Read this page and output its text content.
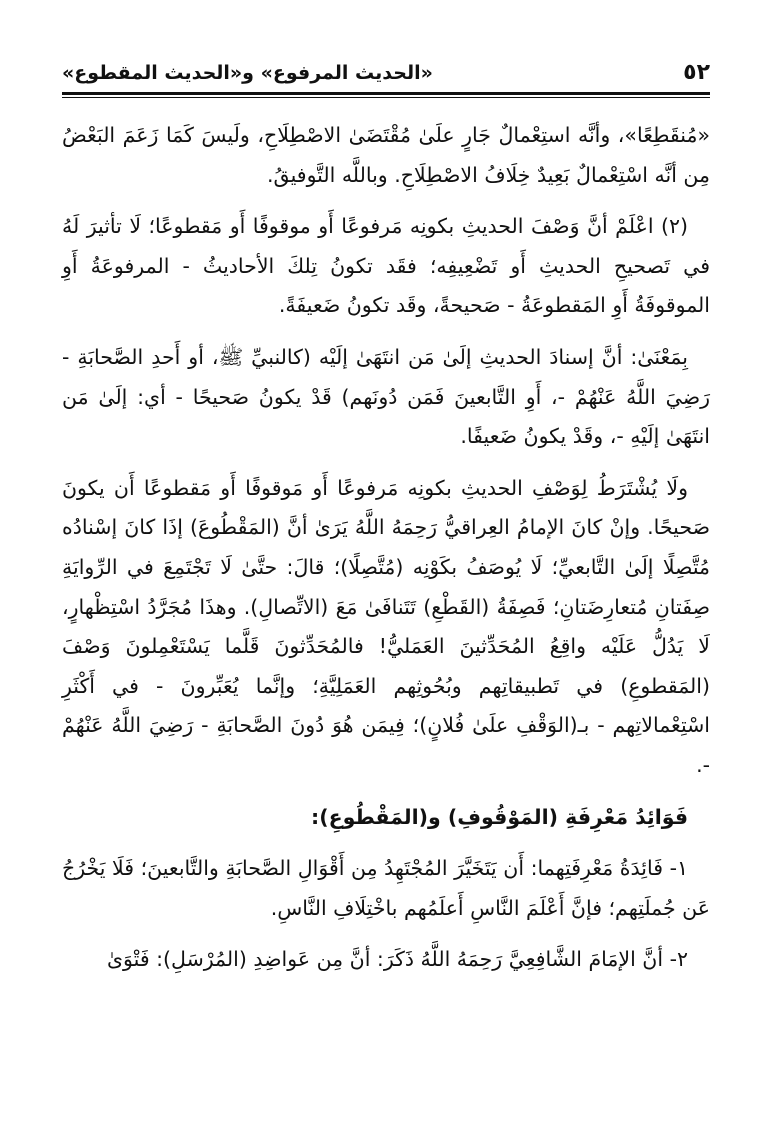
٥٢
«الحديث المرفوع» و«الحديث المقطوع»

«مُنقَطِعًا»، وأنَّه استِعْمالٌ جَارٍ علَىٰ مُقْتَضَىٰ الاصْطِلَاحِ، ولَيسَ كَمَا زَعَمَ البَعْضُ مِن أنَّه اسْتِعْمالٌ بَعِيدٌ خِلَافُ الاصْطِلَاحِ. وباللَّه التَّوفيقُ.

(٢) اعْلَمْ أنَّ وَصْفَ الحديثِ بكونِه مَرفوعًا أَو موقوفًا أَو مَقطوعًا؛ لَا تأثيرَ لَهُ في تَصحيحِ الحديثِ أَو تَضْعِيفِه؛ فقَد تكونُ تِلكَ الأحاديثُ - المرفوعَةُ أَوِ الموقوفَةُ أَوِ المَقطوعَةُ - صَحيحةً، وقَد تكونُ ضَعيفَةً.

بِمَعْنَىٰ: أنَّ إسنادَ الحديثِ إلَىٰ مَن انتَهَىٰ إلَيْه (كالنبيِّ ﷺ، أو أَحدِ الصَّحابَةِ - رَضِيَ اللَّهُ عَنْهُمْ -، أَوِ التَّابعينَ فَمَن دُونَهم) قَدْ يكونُ صَحيحًا - أي: إلَىٰ مَن انتَهَىٰ إلَيْهِ -، وقَدْ يكونُ ضَعيفًا.

ولَا يُشْتَرَطُ لِوَصْفِ الحديثِ بكونِه مَرفوعًا أَو مَوقوفًا أَو مَقطوعًا أَن يكونَ صَحيحًا. وإنْ كانَ الإمامُ العِراقيُّ رَحِمَهُ اللَّهُ يَرَىٰ أنَّ (المَقْطُوعَ) إذَا كانَ إسْنادُه مُتَّصِلًا إلَىٰ التَّابعيِّ؛ لَا يُوصَفُ بكَوْنِه (مُتَّصِلًا)؛ قالَ: حتَّىٰ لَا تَجْتَمِعَ في الرِّوايَةِ صِفَتانِ مُتعارِضَتانِ؛ فَصِفَةُ (القَطْعِ) تَتَنافَىٰ مَعَ (الاتِّصالِ). وهذَا مُجَرَّدُ اسْتِظْهارٍ، لَا يَدُلُّ عَلَيْه واقِعُ المُحَدِّثينَ العَمَليُّ! فالمُحَدِّثونَ قَلَّما يَسْتَعْمِلونَ وَصْفَ (المَقطوعِ) في تَطبيقاتِهم وبُحُوثِهم العَمَلِيَّةِ؛ وإنَّما يُعَبِّرونَ - في أَكْثَرِ اسْتِعْمالاتِهم - بـ(الوَقْفِ علَىٰ فُلانٍ)؛ فِيمَن هُوَ دُونَ الصَّحابَةِ - رَضِيَ اللَّهُ عَنْهُمْ -.

فَوَائِدُ مَعْرِفَةِ (المَوْقُوفِ) و(المَقْطُوعِ):

١- فَائِدَةُ مَعْرِفَتِهما: أَن يَتَخَيَّرَ المُجْتَهِدُ مِن أَقْوَالِ الصَّحابَةِ والتَّابعينَ؛ فَلَا يَخْرُجُ عَن جُملَتِهم؛ فإنَّ أَعْلَمَ النَّاسِ أَعلَمُهم باخْتِلَافِ النَّاسِ.

٢- أنَّ الإمَامَ الشَّافِعِيَّ رَحِمَهُ اللَّهُ ذَكَرَ: أنَّ مِن عَواضِدِ (المُرْسَلِ): فَتْوَىٰ
